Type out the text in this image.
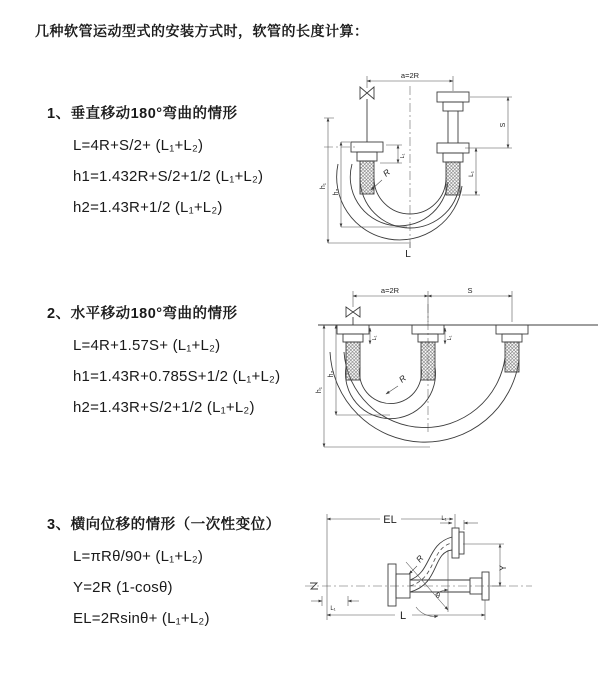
几种软管运动型式的安装方式时，软管的长度计算：
1、垂直移动180°弯曲的情形
L=4R+S/2+ (L₁+L₂)
h1=1.432R+S/2+1/2 (L₁+L₂)
h2=1.43R+1/2 (L₁+L₂)
2、水平移动180°弯曲的情形
L=4R+1.57S+ (L₁+L₂)
h1=1.43R+0.785S+1/2 (L₁+L₂)
h2=1.43R+S/2+1/2 (L₁+L₂)
3、横向位移的情形（一次性变位）
L=πRθ/90+ (L₁+L₂)
Y=2R (1-cosθ)
EL=2Rsinθ+ (L₁+L₂)
a=2R
h₁
h₂
S
L₁
L₁
R
L
a=2R	S
h₁
h₂
L₁	L₁
R
θ
EL	L₁
Y
R
L
L₁
